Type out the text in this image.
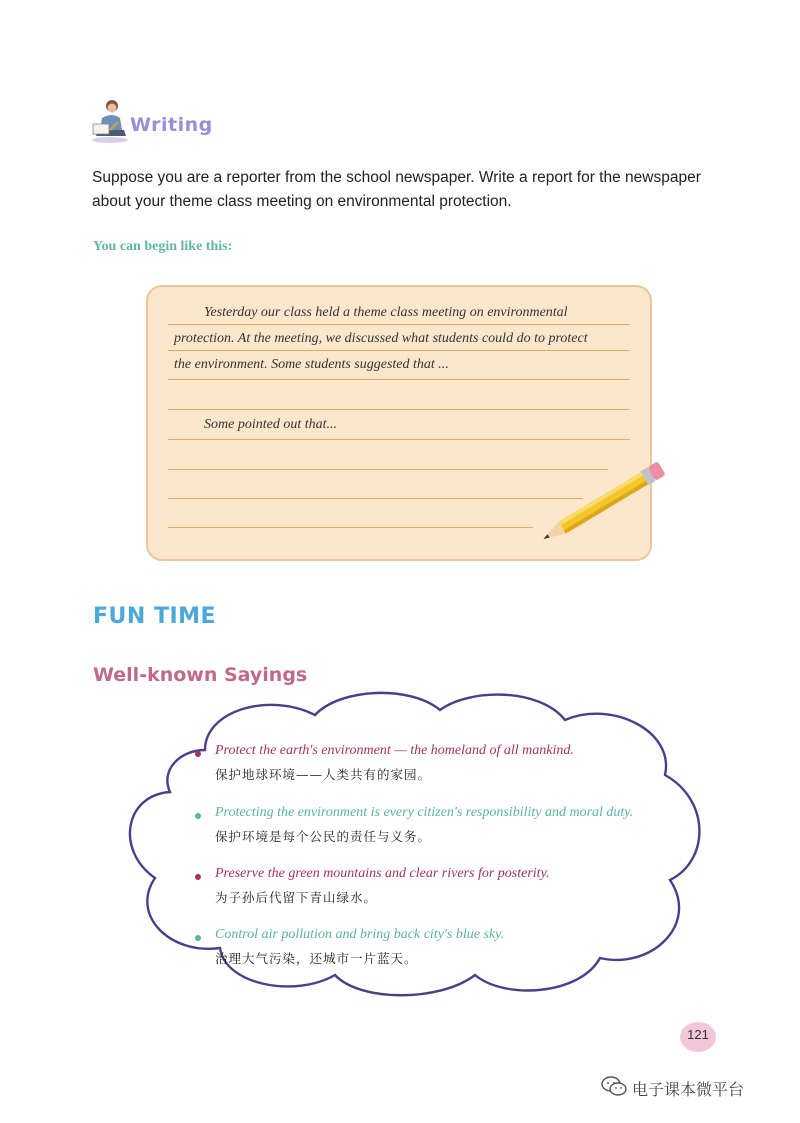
Writing
Suppose you are a reporter from the school newspaper. Write a report for the newspaper about your theme class meeting on environmental protection.
You can begin like this:
Yesterday our class held a theme class meeting on environmental
protection. At the meeting, we discussed what students could do to protect
the environment. Some students suggested that ...
Some pointed out that...
FUN TIME
Well-known Sayings
Protect the earth's environment — the homeland of all mankind.
保护地球环境——人类共有的家园。
Protecting the environment is every citizen's responsibility and moral duty.
保护环境是每个公民的责任与义务。
Preserve the green mountains and clear rivers for posterity.
为子孙后代留下青山绿水。
Control air pollution and bring back city's blue sky.
治理大气污染，还城市一片蓝天。
121
电子课本微平台
